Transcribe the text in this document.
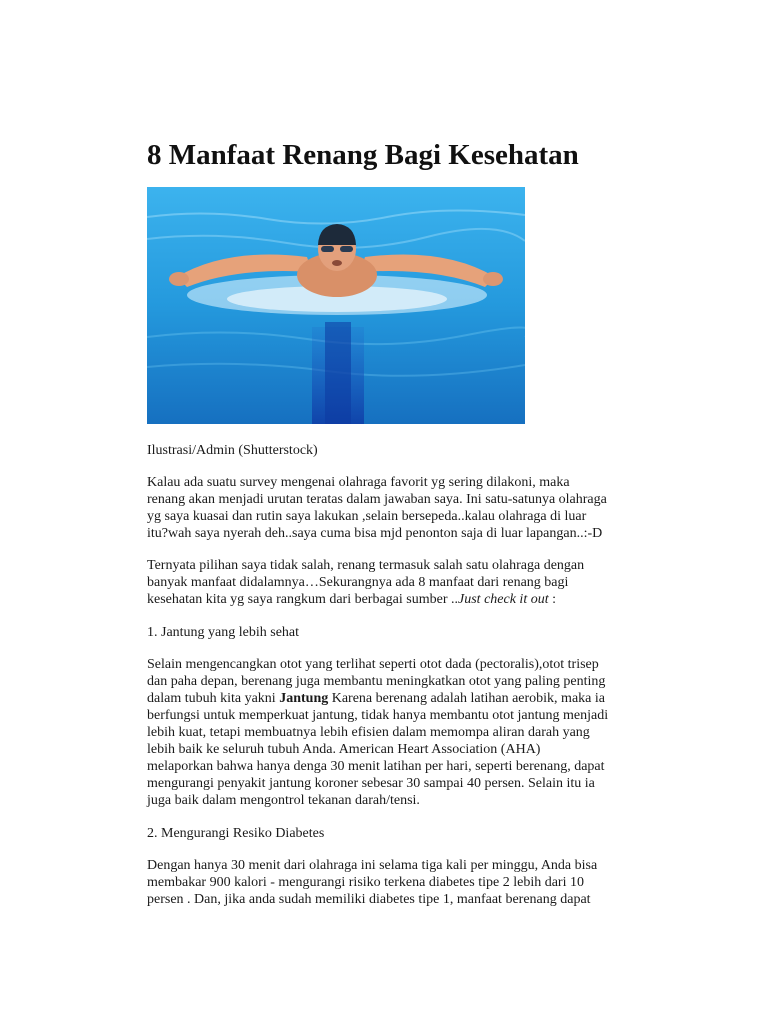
8 Manfaat Renang Bagi Kesehatan

Ilustrasi/Admin (Shutterstock)

Kalau ada suatu survey mengenai olahraga favorit yg sering dilakoni, maka
renang akan menjadi urutan teratas dalam jawaban saya. Ini satu-satunya olahraga
yg saya kuasai dan rutin saya lakukan ,selain bersepeda..kalau olahraga di luar
itu?wah saya nyerah deh..saya cuma bisa mjd penonton saja di luar lapangan..:-D

Ternyata pilihan saya tidak salah, renang termasuk salah satu olahraga dengan
banyak manfaat didalamnya…Sekurangnya ada 8 manfaat dari renang bagi
kesehatan kita yg saya rangkum dari berbagai sumber ..Just check it out :

1. Jantung yang lebih sehat

Selain mengencangkan otot yang terlihat seperti otot dada (pectoralis),otot trisep
dan paha depan, berenang juga membantu meningkatkan otot yang paling penting
dalam tubuh kita yakni Jantung Karena berenang adalah latihan aerobik, maka ia
berfungsi untuk memperkuat jantung, tidak hanya membantu otot jantung menjadi
lebih kuat, tetapi membuatnya lebih efisien dalam memompa aliran darah yang
lebih baik ke seluruh tubuh Anda. American Heart Association (AHA)
melaporkan bahwa hanya denga 30 menit latihan per hari, seperti berenang, dapat
mengurangi penyakit jantung koroner sebesar 30 sampai 40 persen. Selain itu ia
juga baik dalam mengontrol tekanan darah/tensi.

2. Mengurangi Resiko Diabetes

Dengan hanya 30 menit dari olahraga ini selama tiga kali per minggu, Anda bisa
membakar 900 kalori - mengurangi risiko terkena diabetes tipe 2 lebih dari 10
persen . Dan, jika anda sudah memiliki diabetes tipe 1, manfaat berenang dapat
